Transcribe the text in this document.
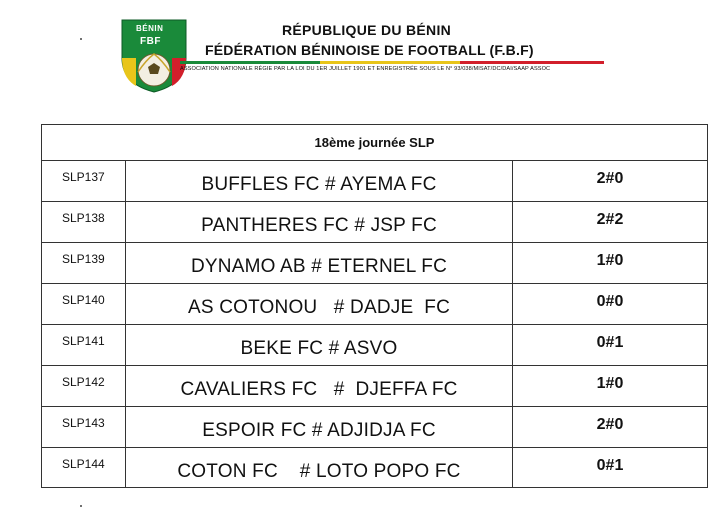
BÉNIN
FBF
RÉPUBLIQUE DU BÉNIN
FÉDÉRATION BÉNINOISE DE FOOTBALL (F.B.F)
ASSOCIATION NATIONALE RÉGIE PAR LA LOI DU 1ER JUILLET 1901 ET ENREGISTRÉE SOUS LE N° 93/038/MISAT/DC/DAI/SAAP ASSOC
18ème journée SLP
SLP137	BUFFLES FC # AYEMA FC	2#0
SLP138	PANTHERES FC # JSP FC	2#2
SLP139	DYNAMO AB # ETERNEL FC	1#0
SLP140	AS COTONOU   # DADJE  FC	0#0
SLP141	BEKE FC # ASVO	0#1
SLP142	CAVALIERS FC   #  DJEFFA FC	1#0
SLP143	ESPOIR FC # ADJIDJA FC	2#0
SLP144	COTON FC    # LOTO POPO FC	0#1
